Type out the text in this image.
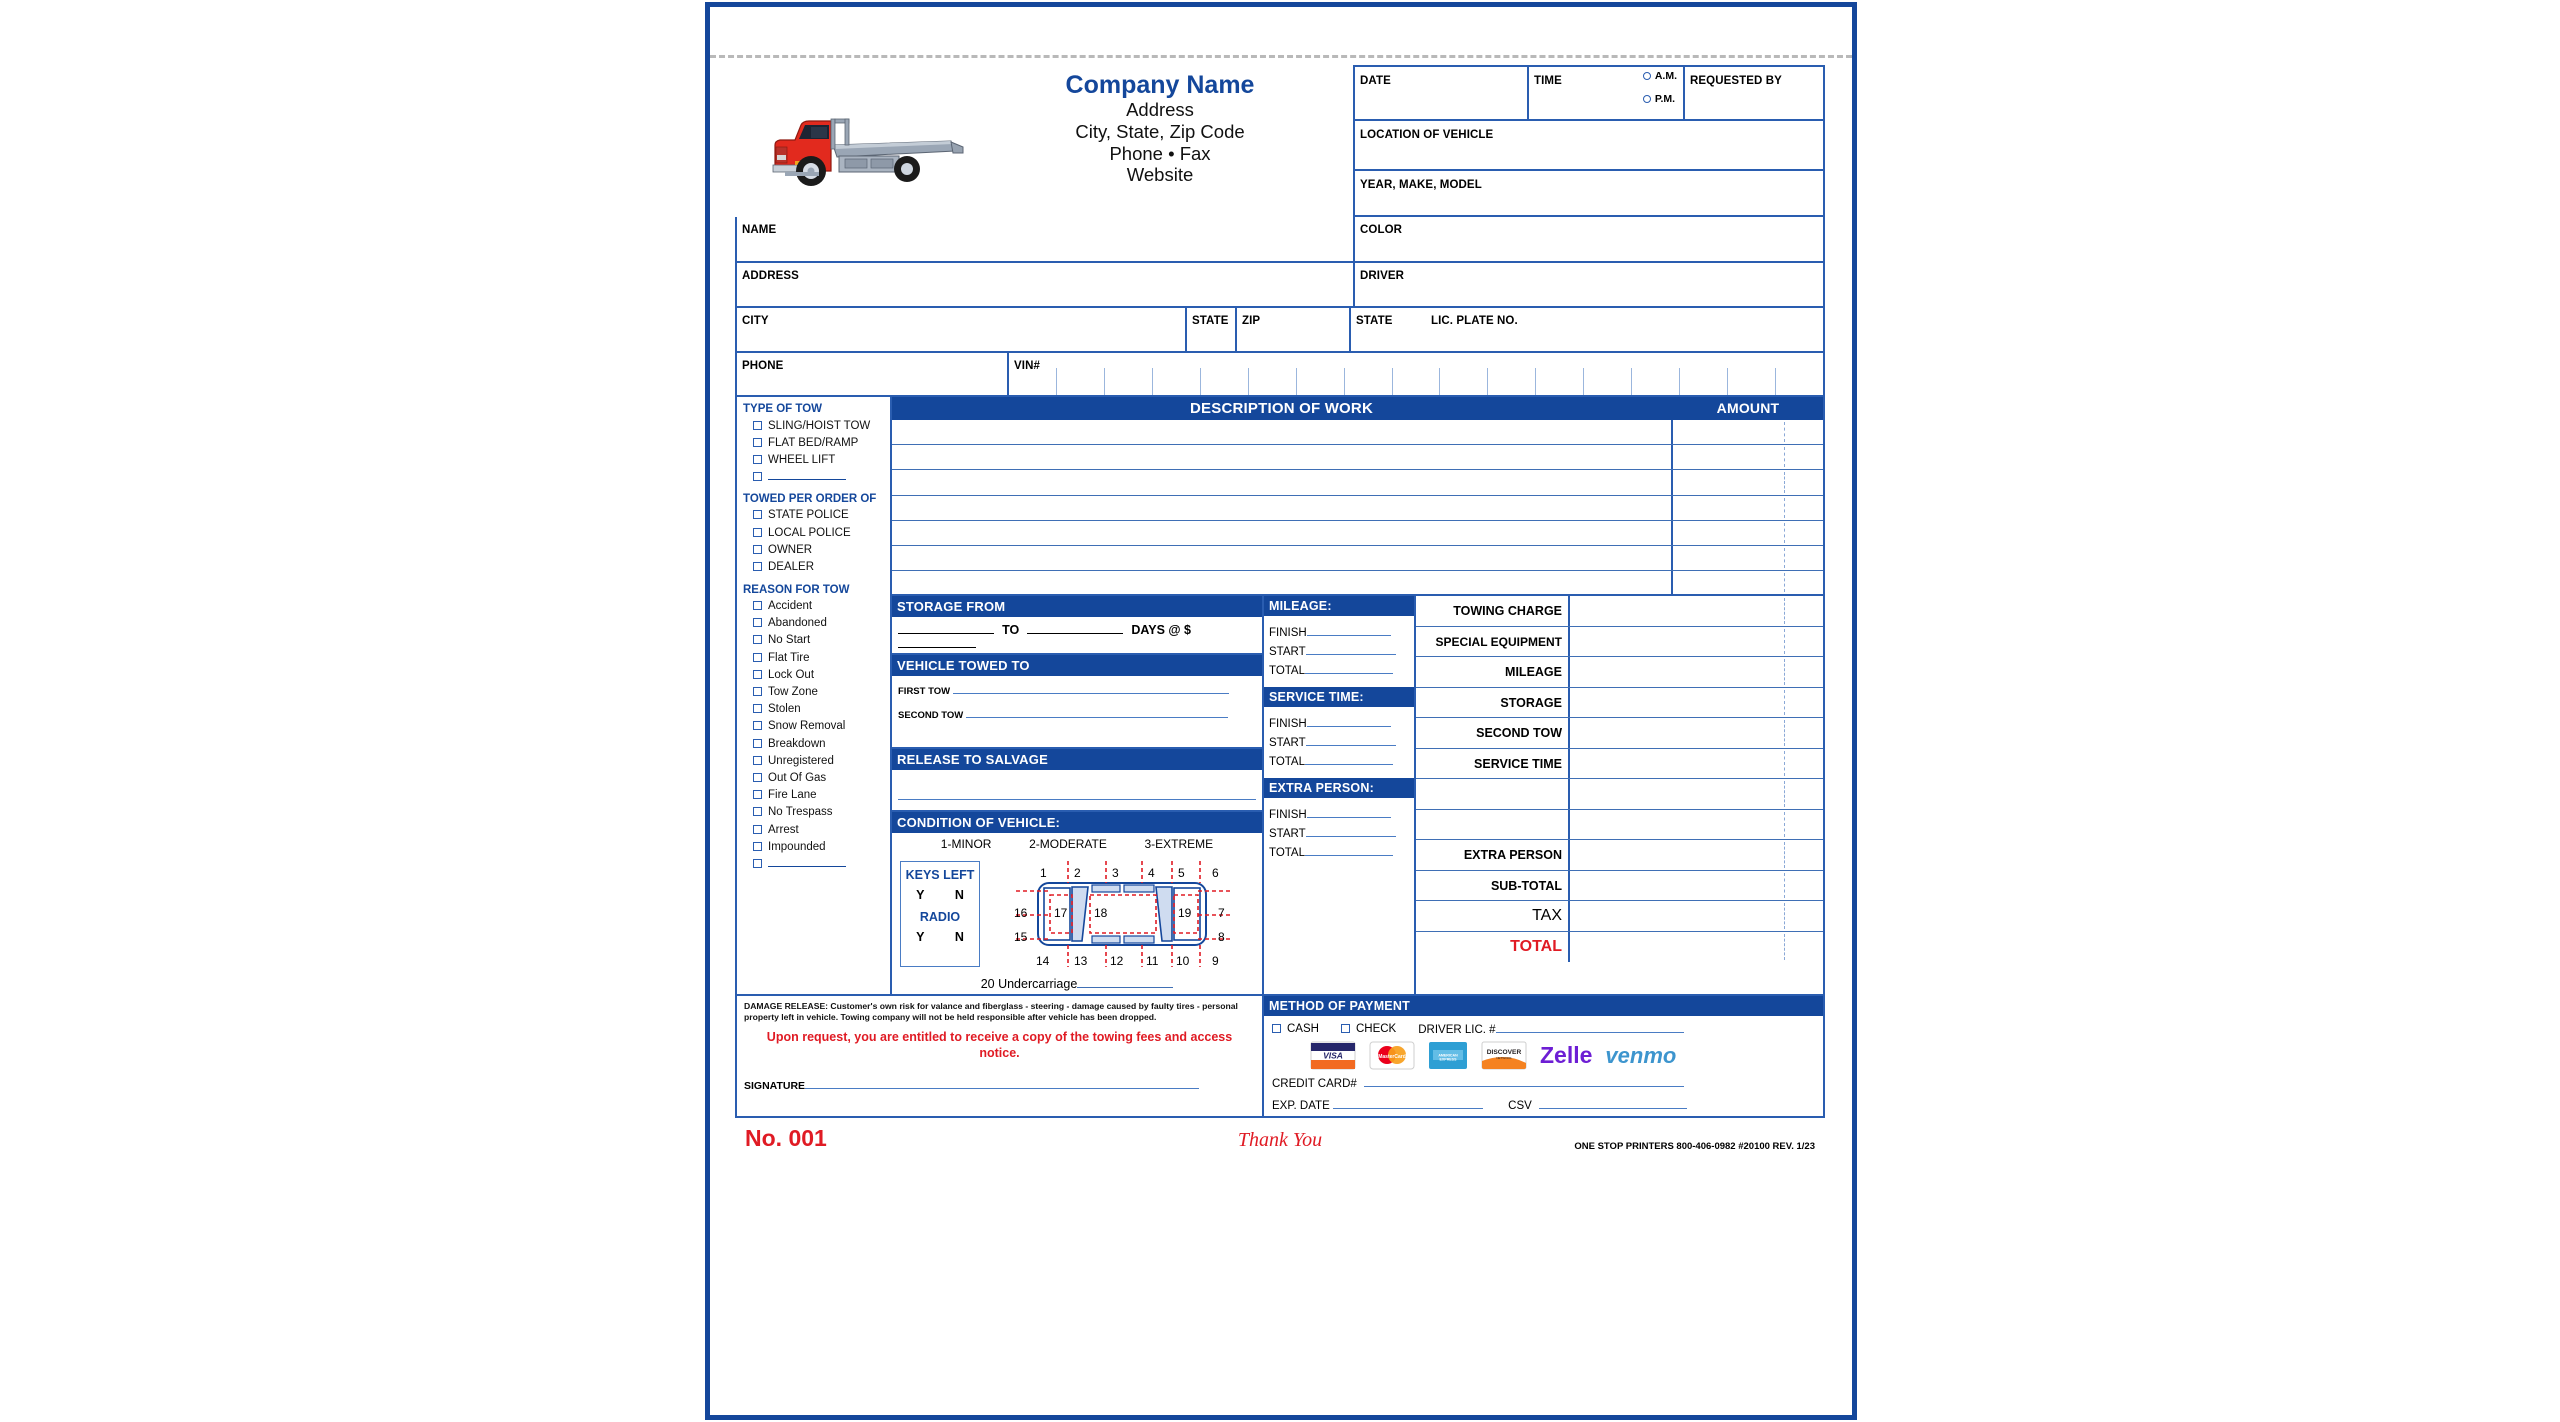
Company Name
Address
City, State, Zip Code
Phone • Fax
Website
DATE	TIME	A.M.
P.M.
REQUESTED BY
LOCATION OF VEHICLE
YEAR, MAKE, MODEL
NAME	COLOR
ADDRESS	DRIVER
CITY	STATE	ZIP	STATE	LIC. PLATE NO.
PHONE	VIN#
TYPE OF TOW
SLING/HOIST TOW
FLAT BED/RAMP
WHEEL LIFT
TOWED PER ORDER OF
STATE POLICE
LOCAL POLICE
OWNER
DEALER
REASON FOR TOW
Accident
Abandoned
No Start
Flat Tire
Lock Out
Tow Zone
Stolen
Snow Removal
Breakdown
Unregistered
Out Of Gas
Fire Lane
No Trespass
Arrest
Impounded
DESCRIPTION OF WORK	AMOUNT
STORAGE FROM
TO	DAYS @ $
VEHICLE TOWED TO
FIRST TOW
SECOND TOW
RELEASE TO SALVAGE
CONDITION OF VEHICLE:
1-MINOR	2-MODERATE	3-EXTREME
KEYS LEFT
Y N
RADIO
Y N
1 2	3 4 5 6
14 13 12 11 10 9
16
15
7
8
17 18	19
20 Undercarriage
MILEAGE:
FINISH
START
TOTAL
SERVICE TIME:
FINISH
START
TOTAL
EXTRA PERSON:
FINISH
START
TOTAL
TOWING CHARGE
SPECIAL EQUIPMENT
MILEAGE
STORAGE
SECOND TOW
SERVICE TIME
EXTRA PERSON
SUB-TOTAL
TAX
TOTAL
DAMAGE RELEASE: Customer's own risk for valance and fiberglass - steering - damage caused by faulty tires - personal property left in vehicle. Towing company will not be held responsible after vehicle has been dropped.
Upon request, you are entitled to receive a copy of the towing fees and access notice.
SIGNATURE
METHOD OF PAYMENT
CASH	CHECK DRIVER LIC. #
VISA	MasterCard	AMERICAN
EXPRESS
DISCOVER
NETWORK Zelle venmo
CREDIT CARD#
EXP. DATE	CSV
No. 001	Thank You	ONE STOP PRINTERS 800-406-0982 #20100 REV. 1/23
